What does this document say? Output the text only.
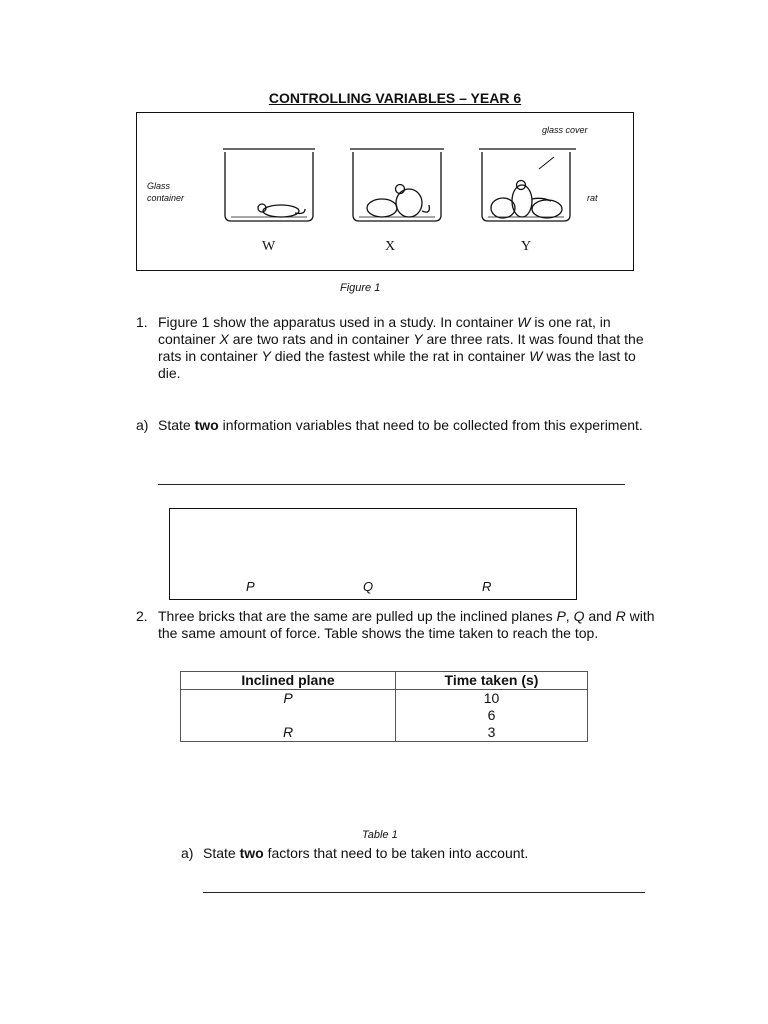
CONTROLLING VARIABLES – YEAR 6
glass cover
Glass
container	rat
W	X	Y
Figure 1
1. Figure 1 show the apparatus used in a study. In container W is one rat, in container X are two rats and in container Y are three rats. It was found that the rats in container Y died the fastest while the rat in container W was the last to die.
a) State two information variables that need to be collected from this experiment.
P	Q	R
2. Three bricks that are the same are pulled up the inclined planes P, Q and R with the same amount of force. Table shows the time taken to reach the top.
Inclined plane	Time taken (s)
P	10
	6
R	3
Table 1
a) State two factors that need to be taken into account.
